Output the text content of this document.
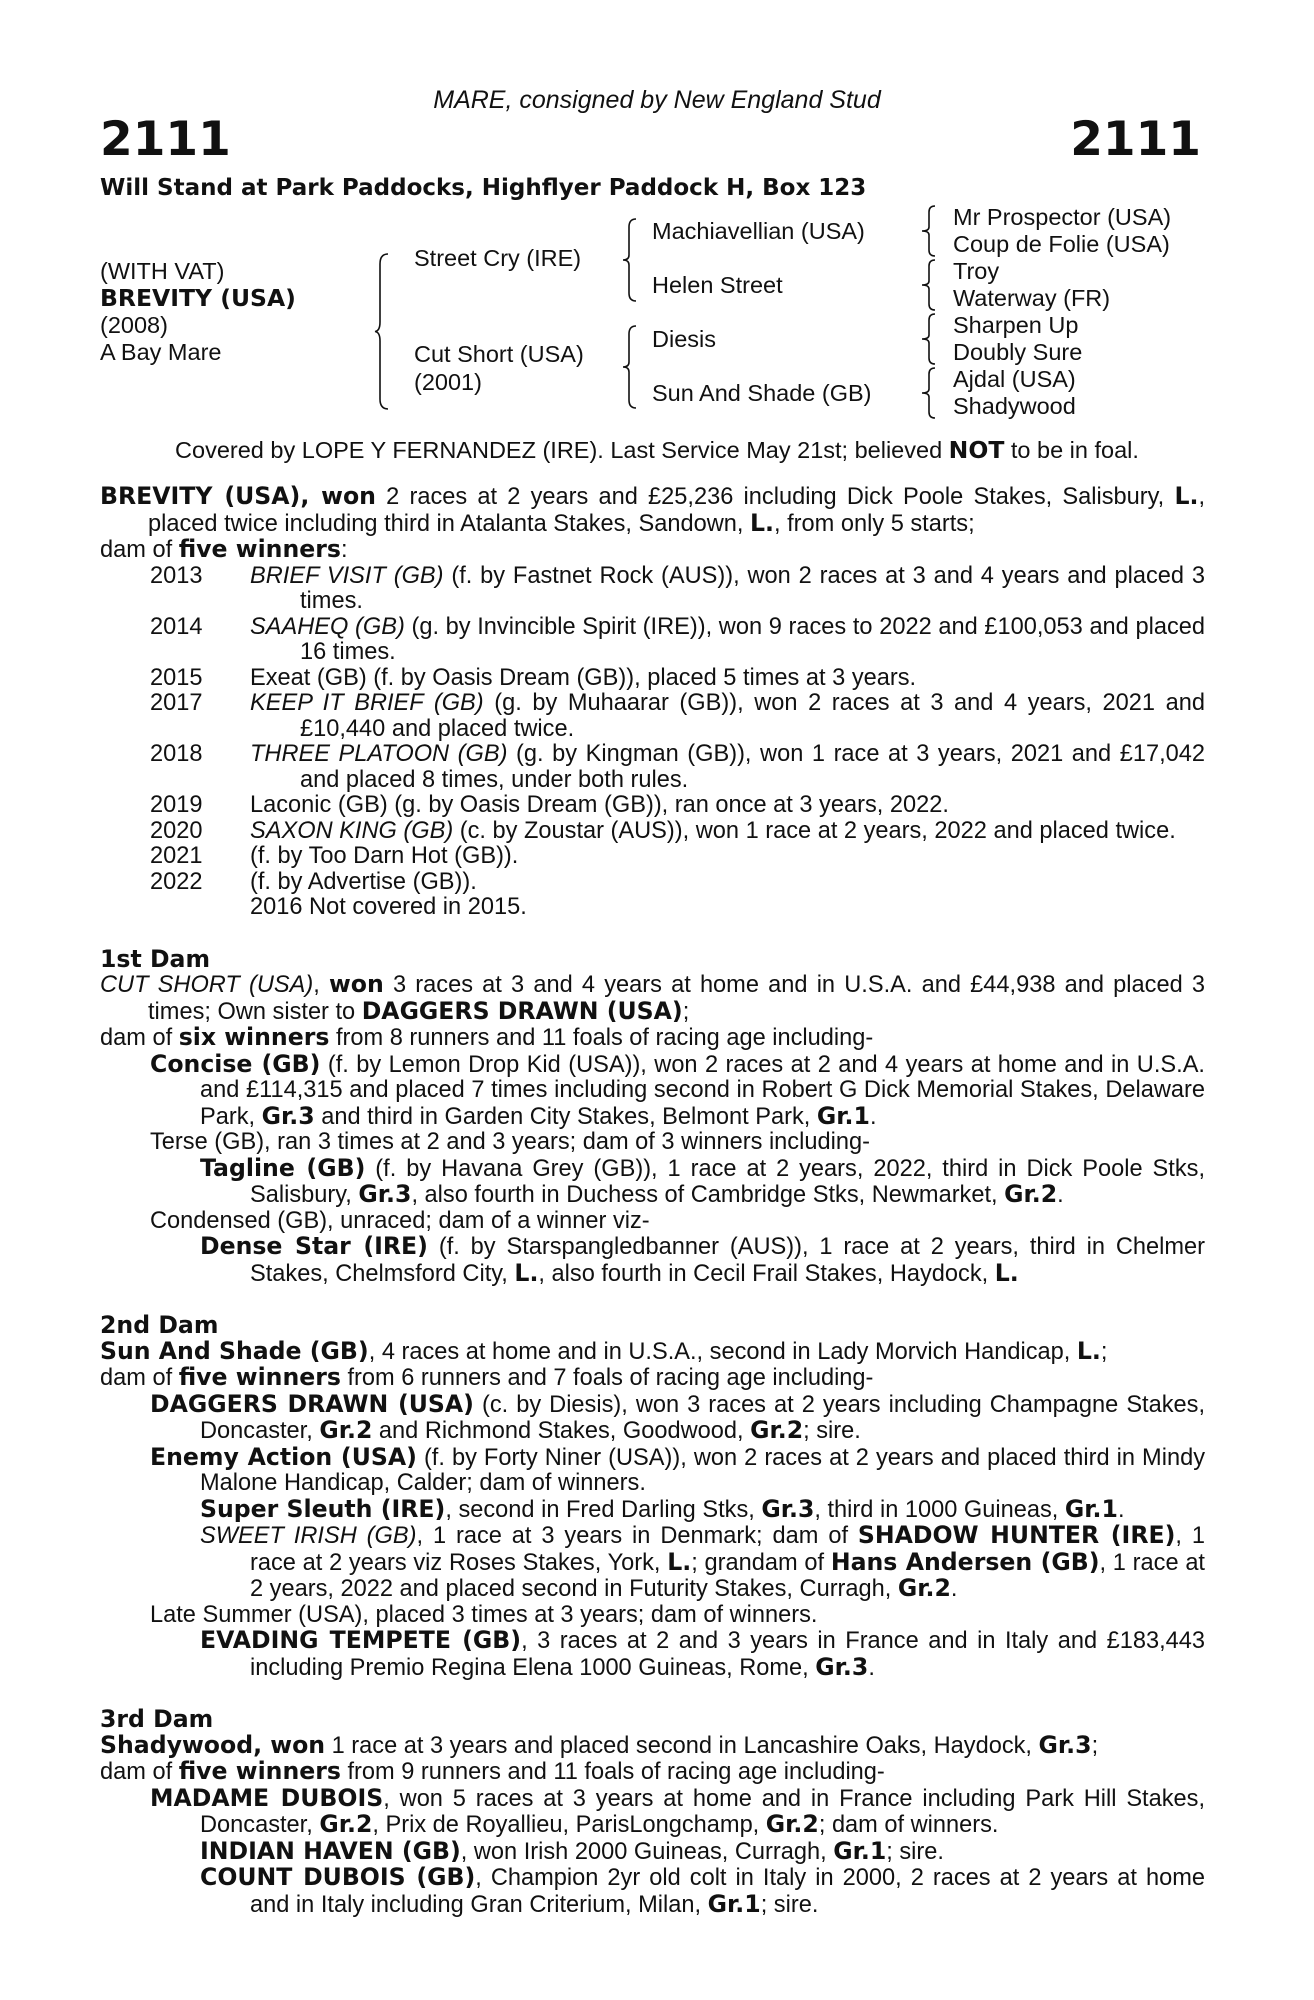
MARE, consigned by New England Stud
2111	2111
Will Stand at Park Paddocks, Highflyer Paddock H, Box 123
(WITH VAT)
BREVITY (USA)
(2008)
A Bay Mare
Street Cry (IRE)
Cut Short (USA)
(2001)
Machiavellian (USA)
Helen Street
Diesis
Sun And Shade (GB)
Mr Prospector (USA)
Coup de Folie (USA)
Troy
Waterway (FR)
Sharpen Up
Doubly Sure
Ajdal (USA)
Shadywood
Covered by LOPE Y FERNANDEZ (IRE). Last Service May 21st; believed NOT to be in foal.

BREVITY (USA), won 2 races at 2 years and £25,236 including Dick Poole Stakes, Salisbury, L., placed twice including third in Atalanta Stakes, Sandown, L., from only 5 starts;

dam of five winners:

2013	BRIEF VISIT (GB) (f. by Fastnet Rock (AUS)), won 2 races at 3 and 4 years and placed 3 times.
2014	SAAHEQ (GB) (g. by Invincible Spirit (IRE)), won 9 races to 2022 and £100,053 and placed 16 times.
2015	Exeat (GB) (f. by Oasis Dream (GB)), placed 5 times at 3 years.
2017	KEEP IT BRIEF (GB) (g. by Muhaarar (GB)), won 2 races at 3 and 4 years, 2021 and £10,440 and placed twice.
2018	THREE PLATOON (GB) (g. by Kingman (GB)), won 1 race at 3 years, 2021 and £17,042 and placed 8 times, under both rules.
2019	Laconic (GB) (g. by Oasis Dream (GB)), ran once at 3 years, 2022.
2020	SAXON KING (GB) (c. by Zoustar (AUS)), won 1 race at 2 years, 2022 and placed twice.
2021	(f. by Too Darn Hot (GB)).
2022	(f. by Advertise (GB)).
2016 Not covered in 2015.

1st Dam

CUT SHORT (USA), won 3 races at 3 and 4 years at home and in U.S.A. and £44,938 and placed 3 times; Own sister to DAGGERS DRAWN (USA);

dam of six winners from 8 runners and 11 foals of racing age including-

Concise (GB) (f. by Lemon Drop Kid (USA)), won 2 races at 2 and 4 years at home and in U.S.A. and £114,315 and placed 7 times including second in Robert G Dick Memorial Stakes, Delaware Park, Gr.3 and third in Garden City Stakes, Belmont Park, Gr.1.

Terse (GB), ran 3 times at 2 and 3 years; dam of 3 winners including-

Tagline (GB) (f. by Havana Grey (GB)), 1 race at 2 years, 2022, third in Dick Poole Stks, Salisbury, Gr.3, also fourth in Duchess of Cambridge Stks, Newmarket, Gr.2.

Condensed (GB), unraced; dam of a winner viz-

Dense Star (IRE) (f. by Starspangledbanner (AUS)), 1 race at 2 years, third in Chelmer Stakes, Chelmsford City, L., also fourth in Cecil Frail Stakes, Haydock, L.

2nd Dam

Sun And Shade (GB), 4 races at home and in U.S.A., second in Lady Morvich Handicap, L.;

dam of five winners from 6 runners and 7 foals of racing age including-

DAGGERS DRAWN (USA) (c. by Diesis), won 3 races at 2 years including Champagne Stakes, Doncaster, Gr.2 and Richmond Stakes, Goodwood, Gr.2; sire.

Enemy Action (USA) (f. by Forty Niner (USA)), won 2 races at 2 years and placed third in Mindy Malone Handicap, Calder; dam of winners.

Super Sleuth (IRE), second in Fred Darling Stks, Gr.3, third in 1000 Guineas, Gr.1.

SWEET IRISH (GB), 1 race at 3 years in Denmark; dam of SHADOW HUNTER (IRE), 1 race at 2 years viz Roses Stakes, York, L.; grandam of Hans Andersen (GB), 1 race at 2 years, 2022 and placed second in Futurity Stakes, Curragh, Gr.2.

Late Summer (USA), placed 3 times at 3 years; dam of winners.

EVADING TEMPETE (GB), 3 races at 2 and 3 years in France and in Italy and £183,443 including Premio Regina Elena 1000 Guineas, Rome, Gr.3.

3rd Dam

Shadywood, won 1 race at 3 years and placed second in Lancashire Oaks, Haydock, Gr.3;

dam of five winners from 9 runners and 11 foals of racing age including-

MADAME DUBOIS, won 5 races at 3 years at home and in France including Park Hill Stakes, Doncaster, Gr.2, Prix de Royallieu, ParisLongchamp, Gr.2; dam of winners.

INDIAN HAVEN (GB), won Irish 2000 Guineas, Curragh, Gr.1; sire.

COUNT DUBOIS (GB), Champion 2yr old colt in Italy in 2000, 2 races at 2 years at home and in Italy including Gran Criterium, Milan, Gr.1; sire.
